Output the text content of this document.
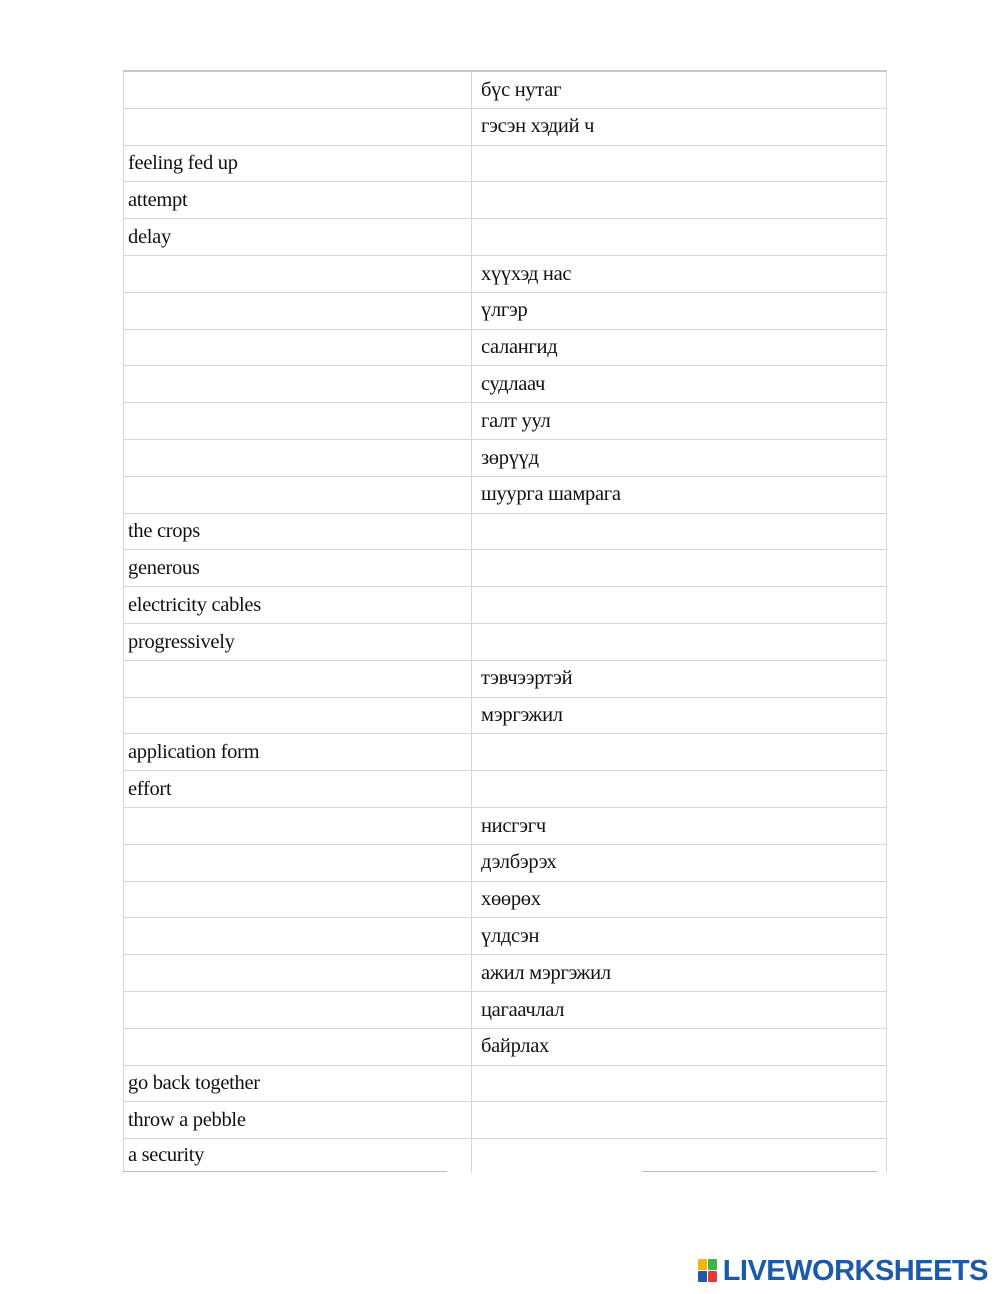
	бүс нутаг
	гэсэн хэдий ч
feeling fed up	
attempt	
delay	
	хүүхэд нас
	үлгэр
	салангид
	судлаач
	галт уул
	зөрүүд
	шуурга шамрага
the crops	
generous	
electricity cables	
progressively	
	тэвчээртэй
	мэргэжил
application form	
effort	
	нисгэгч
	дэлбэрэх
	хөөрөх
	үлдсэн
	ажил мэргэжил
	цагаачлал
	байрлах
go back together	
throw a pebble	
a security	
LIVEWORKSHEETS
